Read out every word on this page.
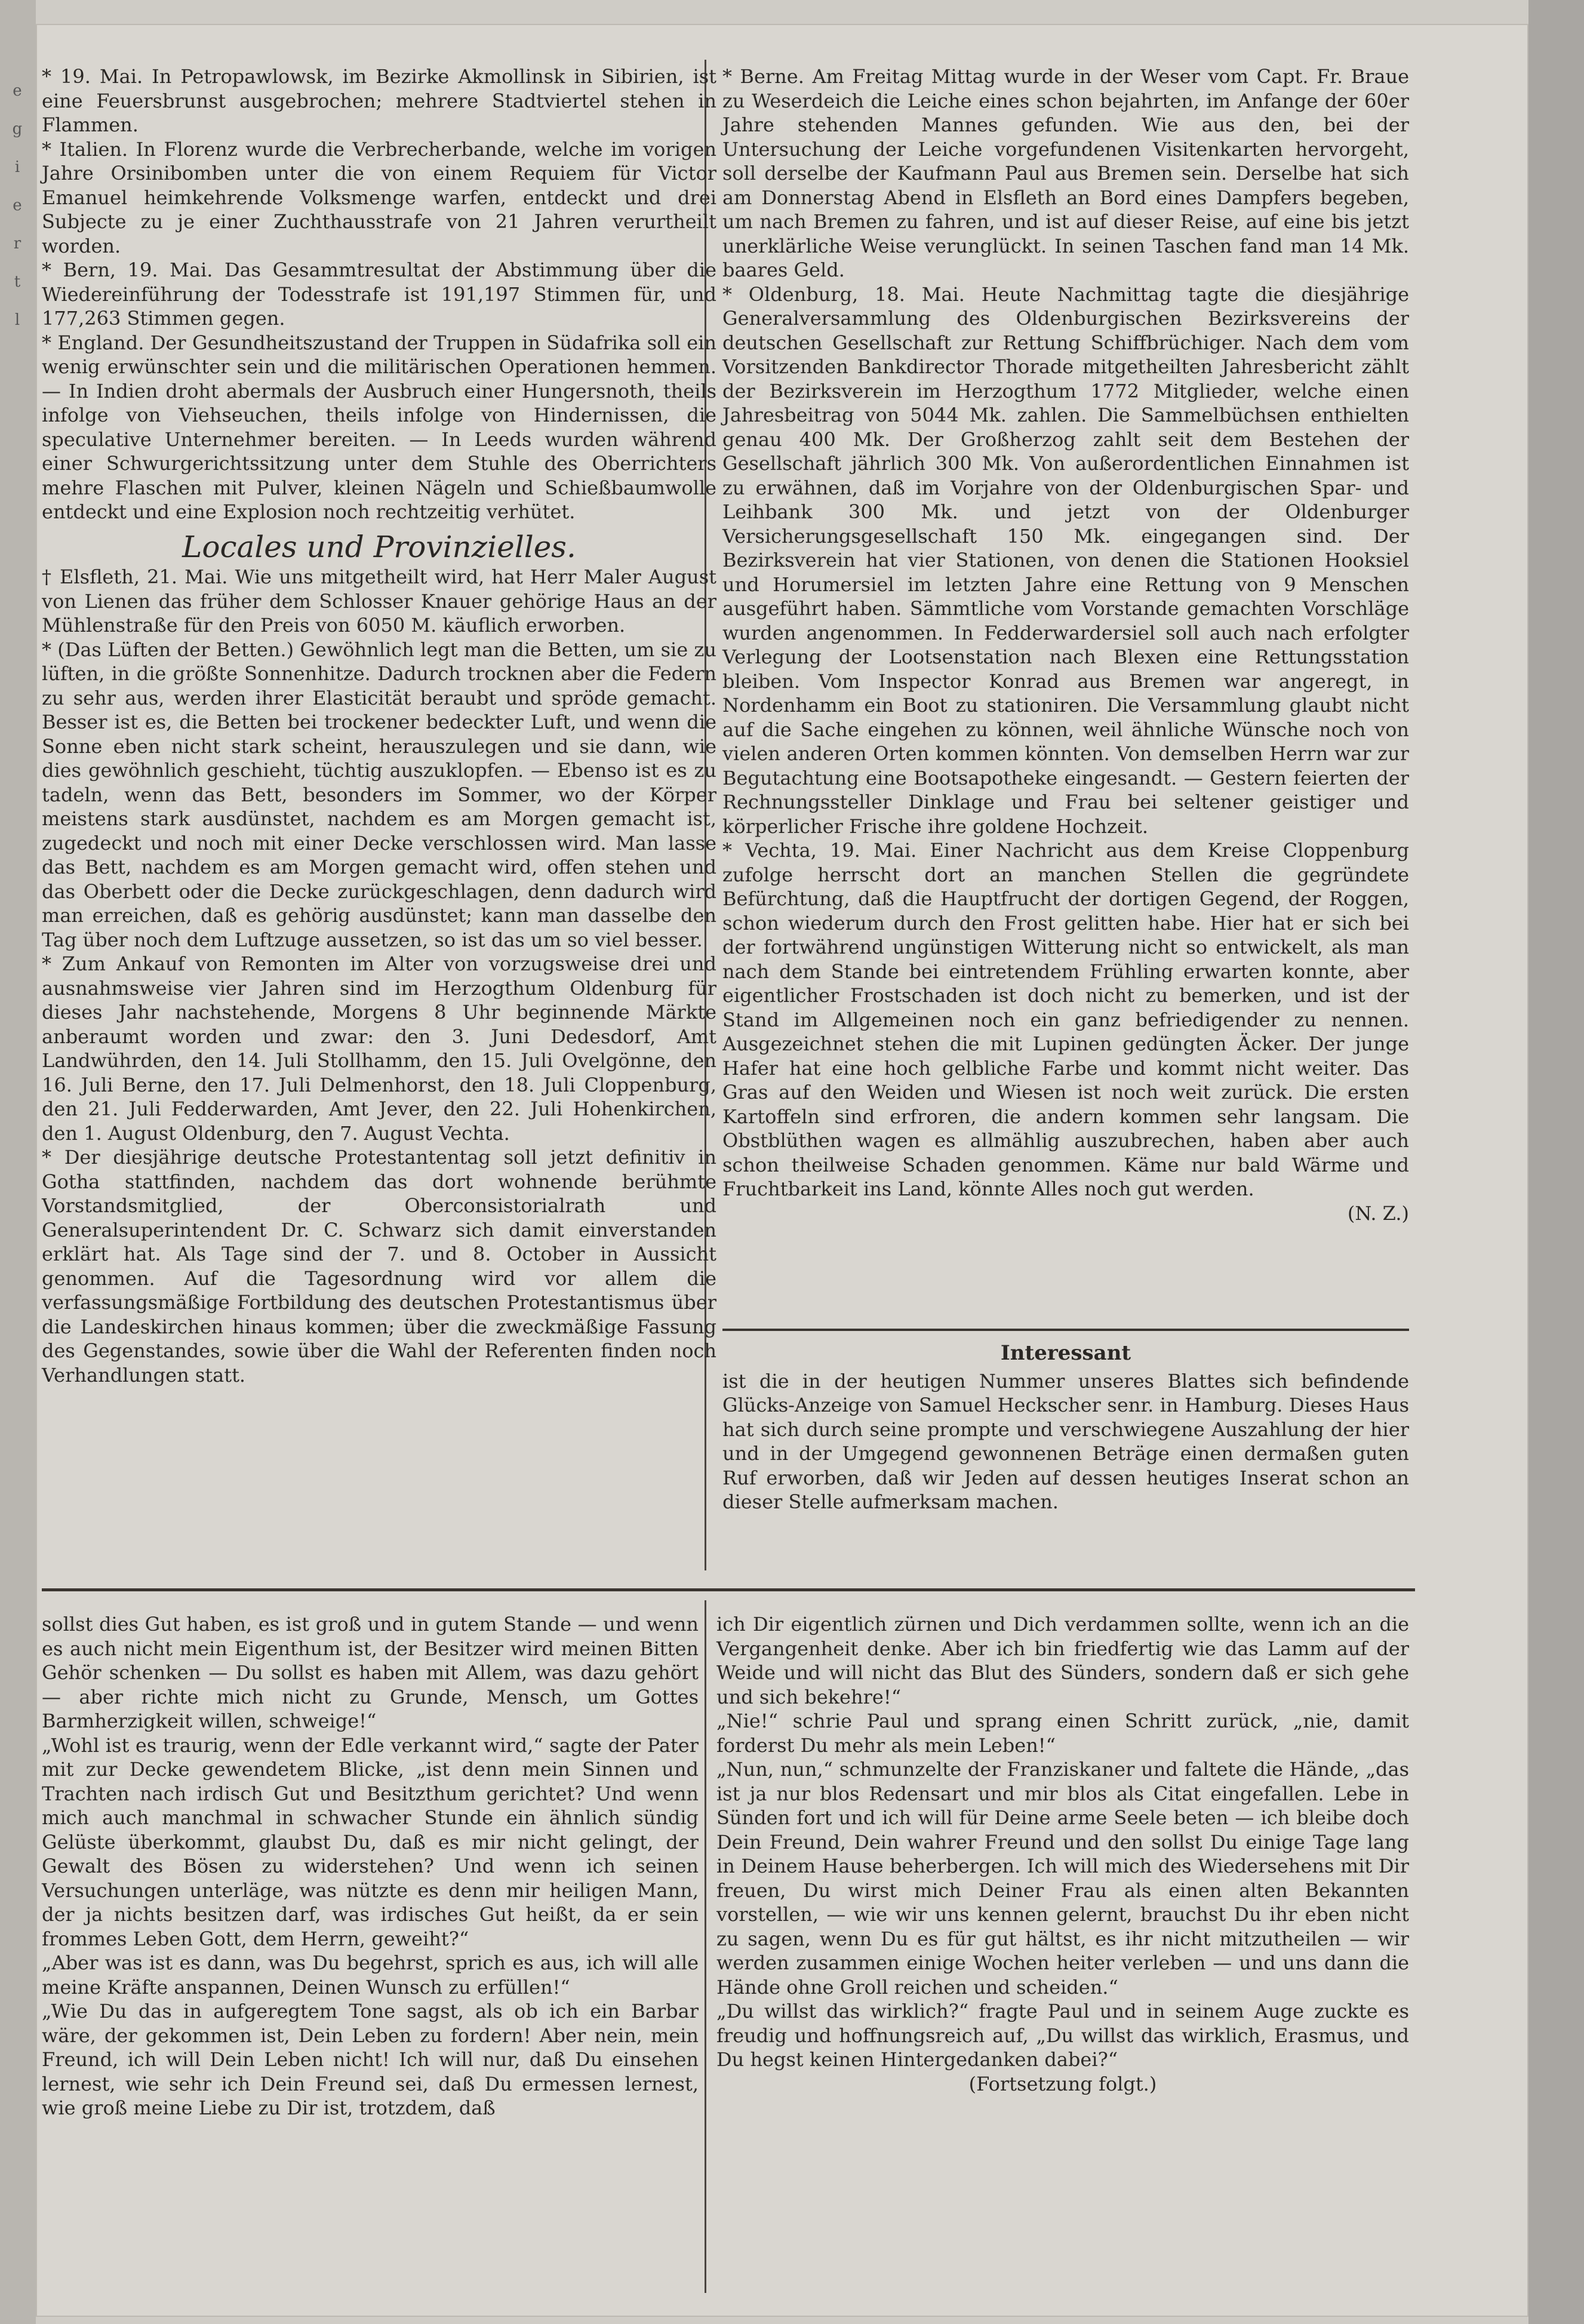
e
g
i
e
r
t
l

* 19. Mai. In Petropawlowsk, im Bezirke Akmollinsk in Sibirien, ist eine Feuersbrunst ausgebrochen; mehrere Stadtviertel stehen in Flammen.

* Italien. In Florenz wurde die Verbrecherbande, welche im vorigen Jahre Orsinibomben unter die von einem Requiem für Victor Emanuel heimkehrende Volksmenge warfen, entdeckt und drei Subjecte zu je einer Zuchthausstrafe von 21 Jahren verurtheilt worden.

* Bern, 19. Mai. Das Gesammtresultat der Abstimmung über die Wiedereinführung der Todesstrafe ist 191,197 Stimmen für, und 177,263 Stimmen gegen.

* England. Der Gesundheitszustand der Truppen in Südafrika soll ein wenig erwünschter sein und die militärischen Operationen hemmen. — In Indien droht abermals der Ausbruch einer Hungersnoth, theils infolge von Viehseuchen, theils infolge von Hindernissen, die speculative Unternehmer bereiten. — In Leeds wurden während einer Schwurgerichtssitzung unter dem Stuhle des Oberrichters mehre Flaschen mit Pulver, kleinen Nägeln und Schießbaumwolle entdeckt und eine Explosion noch rechtzeitig verhütet.

Locales und Provinzielles.

† Elsfleth, 21. Mai. Wie uns mitgetheilt wird, hat Herr Maler August von Lienen das früher dem Schlosser Knauer gehörige Haus an der Mühlenstraße für den Preis von 6050 M. käuflich erworben.

* (Das Lüften der Betten.) Gewöhnlich legt man die Betten, um sie zu lüften, in die größte Sonnenhitze. Dadurch trocknen aber die Federn zu sehr aus, werden ihrer Elasticität beraubt und spröde gemacht. Besser ist es, die Betten bei trockener bedeckter Luft, und wenn die Sonne eben nicht stark scheint, herauszulegen und sie dann, wie dies gewöhnlich geschieht, tüchtig auszuklopfen. — Ebenso ist es zu tadeln, wenn das Bett, besonders im Sommer, wo der Körper meistens stark ausdünstet, nachdem es am Morgen gemacht ist, zugedeckt und noch mit einer Decke verschlossen wird. Man lasse das Bett, nachdem es am Morgen gemacht wird, offen stehen und das Oberbett oder die Decke zurückgeschlagen, denn dadurch wird man erreichen, daß es gehörig ausdünstet; kann man dasselbe den Tag über noch dem Luftzuge aussetzen, so ist das um so viel besser.

* Zum Ankauf von Remonten im Alter von vorzugsweise drei und ausnahmsweise vier Jahren sind im Herzogthum Oldenburg für dieses Jahr nachstehende, Morgens 8 Uhr beginnende Märkte anberaumt worden und zwar: den 3. Juni Dedesdorf, Amt Landwührden, den 14. Juli Stollhamm, den 15. Juli Ovelgönne, den 16. Juli Berne, den 17. Juli Delmenhorst, den 18. Juli Cloppenburg, den 21. Juli Fedderwarden, Amt Jever, den 22. Juli Hohenkirchen, den 1. August Oldenburg, den 7. August Vechta.

* Der diesjährige deutsche Protestantentag soll jetzt definitiv in Gotha stattfinden, nachdem das dort wohnende berühmte Vorstandsmitglied, der Oberconsistorialrath und Generalsuperintendent Dr. C. Schwarz sich damit einverstanden erklärt hat. Als Tage sind der 7. und 8. October in Aussicht genommen. Auf die Tagesordnung wird vor allem die verfassungsmäßige Fortbildung des deutschen Protestantismus über die Landeskirchen hinaus kommen; über die zweckmäßige Fassung des Gegenstandes, sowie über die Wahl der Referenten finden noch Verhandlungen statt.

* Berne. Am Freitag Mittag wurde in der Weser vom Capt. Fr. Braue zu Weserdeich die Leiche eines schon bejahrten, im Anfange der 60er Jahre stehenden Mannes gefunden. Wie aus den, bei der Untersuchung der Leiche vorgefundenen Visitenkarten hervorgeht, soll derselbe der Kaufmann Paul aus Bremen sein. Derselbe hat sich am Donnerstag Abend in Elsfleth an Bord eines Dampfers begeben, um nach Bremen zu fahren, und ist auf dieser Reise, auf eine bis jetzt unerklärliche Weise verunglückt. In seinen Taschen fand man 14 Mk. baares Geld.

* Oldenburg, 18. Mai. Heute Nachmittag tagte die diesjährige Generalversammlung des Oldenburgischen Bezirksvereins der deutschen Gesellschaft zur Rettung Schiffbrüchiger. Nach dem vom Vorsitzenden Bankdirector Thorade mitgetheilten Jahresbericht zählt der Bezirksverein im Herzogthum 1772 Mitglieder, welche einen Jahresbeitrag von 5044 Mk. zahlen. Die Sammelbüchsen enthielten genau 400 Mk. Der Großherzog zahlt seit dem Bestehen der Gesellschaft jährlich 300 Mk. Von außerordentlichen Einnahmen ist zu erwähnen, daß im Vorjahre von der Oldenburgischen Spar- und Leihbank 300 Mk. und jetzt von der Oldenburger Versicherungsgesellschaft 150 Mk. eingegangen sind. Der Bezirksverein hat vier Stationen, von denen die Stationen Hooksiel und Horumersiel im letzten Jahre eine Rettung von 9 Menschen ausgeführt haben. Sämmtliche vom Vorstande gemachten Vorschläge wurden angenommen. In Fedderwardersiel soll auch nach erfolgter Verlegung der Lootsenstation nach Blexen eine Rettungsstation bleiben. Vom Inspector Konrad aus Bremen war angeregt, in Nordenhamm ein Boot zu stationiren. Die Versammlung glaubt nicht auf die Sache eingehen zu können, weil ähnliche Wünsche noch von vielen anderen Orten kommen könnten. Von demselben Herrn war zur Begutachtung eine Bootsapotheke eingesandt. — Gestern feierten der Rechnungssteller Dinklage und Frau bei seltener geistiger und körperlicher Frische ihre goldene Hochzeit.

* Vechta, 19. Mai. Einer Nachricht aus dem Kreise Cloppenburg zufolge herrscht dort an manchen Stellen die gegründete Befürchtung, daß die Hauptfrucht der dortigen Gegend, der Roggen, schon wiederum durch den Frost gelitten habe. Hier hat er sich bei der fortwährend ungünstigen Witterung nicht so entwickelt, als man nach dem Stande bei eintretendem Frühling erwarten konnte, aber eigentlicher Frostschaden ist doch nicht zu bemerken, und ist der Stand im Allgemeinen noch ein ganz befriedigender zu nennen. Ausgezeichnet stehen die mit Lupinen gedüngten Äcker. Der junge Hafer hat eine hoch gelbliche Farbe und kommt nicht weiter. Das Gras auf den Weiden und Wiesen ist noch weit zurück. Die ersten Kartoffeln sind erfroren, die andern kommen sehr langsam. Die Obstblüthen wagen es allmählig auszubrechen, haben aber auch schon theilweise Schaden genommen. Käme nur bald Wärme und Fruchtbarkeit ins Land, könnte Alles noch gut werden.

(N. Z.)

Interessant

ist die in der heutigen Nummer unseres Blattes sich befindende Glücks-Anzeige von Samuel Heckscher senr. in Hamburg. Dieses Haus hat sich durch seine prompte und verschwiegene Auszahlung der hier und in der Umgegend gewonnenen Beträge einen dermaßen guten Ruf erworben, daß wir Jeden auf dessen heutiges Inserat schon an dieser Stelle aufmerksam machen.

sollst dies Gut haben, es ist groß und in gutem Stande — und wenn es auch nicht mein Eigenthum ist, der Besitzer wird meinen Bitten Gehör schenken — Du sollst es haben mit Allem, was dazu gehört — aber richte mich nicht zu Grunde, Mensch, um Gottes Barmherzigkeit willen, schweige!“

„Wohl ist es traurig, wenn der Edle verkannt wird,“ sagte der Pater mit zur Decke gewendetem Blicke, „ist denn mein Sinnen und Trachten nach irdisch Gut und Besitzthum gerichtet? Und wenn mich auch manchmal in schwacher Stunde ein ähnlich sündig Gelüste überkommt, glaubst Du, daß es mir nicht gelingt, der Gewalt des Bösen zu widerstehen? Und wenn ich seinen Versuchungen unterläge, was nützte es denn mir heiligen Mann, der ja nichts besitzen darf, was irdisches Gut heißt, da er sein frommes Leben Gott, dem Herrn, geweiht?“

„Aber was ist es dann, was Du begehrst, sprich es aus, ich will alle meine Kräfte anspannen, Deinen Wunsch zu erfüllen!“

„Wie Du das in aufgeregtem Tone sagst, als ob ich ein Barbar wäre, der gekommen ist, Dein Leben zu fordern! Aber nein, mein Freund, ich will Dein Leben nicht! Ich will nur, daß Du einsehen lernest, wie sehr ich Dein Freund sei, daß Du ermessen lernest, wie groß meine Liebe zu Dir ist, trotzdem, daß

ich Dir eigentlich zürnen und Dich verdammen sollte, wenn ich an die Vergangenheit denke. Aber ich bin friedfertig wie das Lamm auf der Weide und will nicht das Blut des Sünders, sondern daß er sich gehe und sich bekehre!“

„Nie!“ schrie Paul und sprang einen Schritt zurück, „nie, damit forderst Du mehr als mein Leben!“

„Nun, nun,“ schmunzelte der Franziskaner und faltete die Hände, „das ist ja nur blos Redensart und mir blos als Citat eingefallen. Lebe in Sünden fort und ich will für Deine arme Seele beten — ich bleibe doch Dein Freund, Dein wahrer Freund und den sollst Du einige Tage lang in Deinem Hause beherbergen. Ich will mich des Wiedersehens mit Dir freuen, Du wirst mich Deiner Frau als einen alten Bekannten vorstellen, — wie wir uns kennen gelernt, brauchst Du ihr eben nicht zu sagen, wenn Du es für gut hältst, es ihr nicht mitzutheilen — wir werden zusammen einige Wochen heiter verleben — und uns dann die Hände ohne Groll reichen und scheiden.“

„Du willst das wirklich?“ fragte Paul und in seinem Auge zuckte es freudig und hoffnungsreich auf, „Du willst das wirklich, Erasmus, und Du hegst keinen Hintergedanken dabei?“

(Fortsetzung folgt.)
